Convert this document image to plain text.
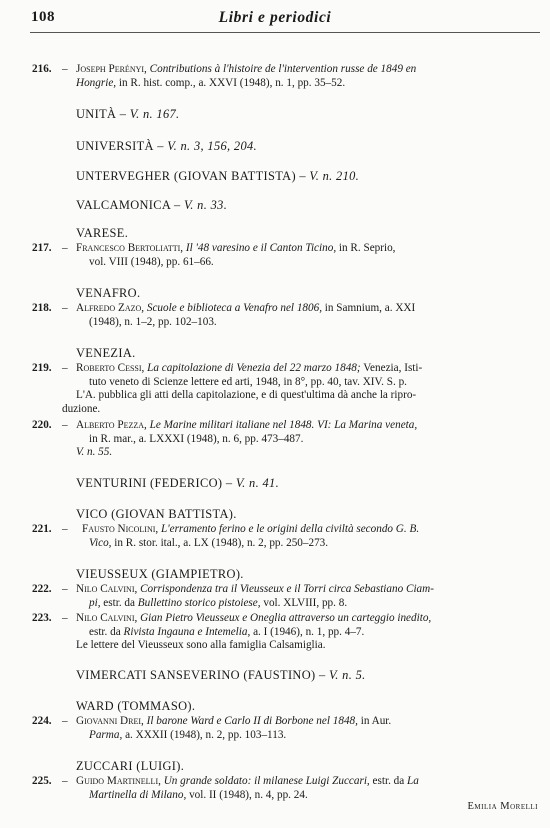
108	Libri e periodici
216. – Joseph Perényi, Contributions à l'histoire de l'intervention russe de 1849 en
Hongrie, in R. hist. comp., a. XXVI (1948), n. 1, pp. 35–52.
UNITÀ – V. n. 167.
UNIVERSITÀ – V. n. 3, 156, 204.
UNTERVEGHER (GIOVAN BATTISTA) – V. n. 210.
VALCAMONICA – V. n. 33.
VARESE.
217. – Francesco Bertoliatti, Il '48 varesino e il Canton Ticino, in R. Seprio,
vol. VIII (1948), pp. 61–66.
VENAFRO.
218. – Alfredo Zazo, Scuole e biblioteca a Venafro nel 1806, in Samnium, a. XXI
(1948), n. 1–2, pp. 102–103.
VENEZIA.
219. – Roberto Cessi, La capitolazione di Venezia del 22 marzo 1848; Venezia, Isti-
tuto veneto di Scienze lettere ed arti, 1948, in 8°, pp. 40, tav. XIV. S. p.
L'A. pubblica gli atti della capitolazione, e di quest'ultima dà anche la ripro-
duzione.
220. – Alberto Pezza, Le Marine militari italiane nel 1848. VI: La Marina veneta,
in R. mar., a. LXXXI (1948), n. 6, pp. 473–487.
V. n. 55.
VENTURINI (FEDERICO) – V. n. 41.
VICO (GIOVAN BATTISTA).
221. – Fausto Nicolini, L'erramento ferino e le origini della civiltà secondo G. B.
Vico, in R. stor. ital., a. LX (1948), n. 2, pp. 250–273.
VIEUSSEUX (GIAMPIETRO).
222. – Nilo Calvini, Corrispondenza tra il Vieusseux e il Torri circa Sebastiano Ciam-
pi, estr. da Bullettino storico pistoiese, vol. XLVIII, pp. 8.
223. – Nilo Calvini, Gian Pietro Vieusseux e Oneglia attraverso un carteggio inedito,
estr. da Rivista Ingauna e Intemelia, a. I (1946), n. 1, pp. 4–7.
Le lettere del Vieusseux sono alla famiglia Calsamiglia.
VIMERCATI SANSEVERINO (FAUSTINO) – V. n. 5.
WARD (TOMMASO).
224. – Giovanni Drei, Il barone Ward e Carlo II di Borbone nel 1848, in Aur.
Parma, a. XXXII (1948), n. 2, pp. 103–113.
ZUCCARI (LUIGI).
225. – Guido Martinelli, Un grande soldato: il milanese Luigi Zuccari, estr. da La
Martinella di Milano, vol. II (1948), n. 4, pp. 24.
Emilia Morelli
